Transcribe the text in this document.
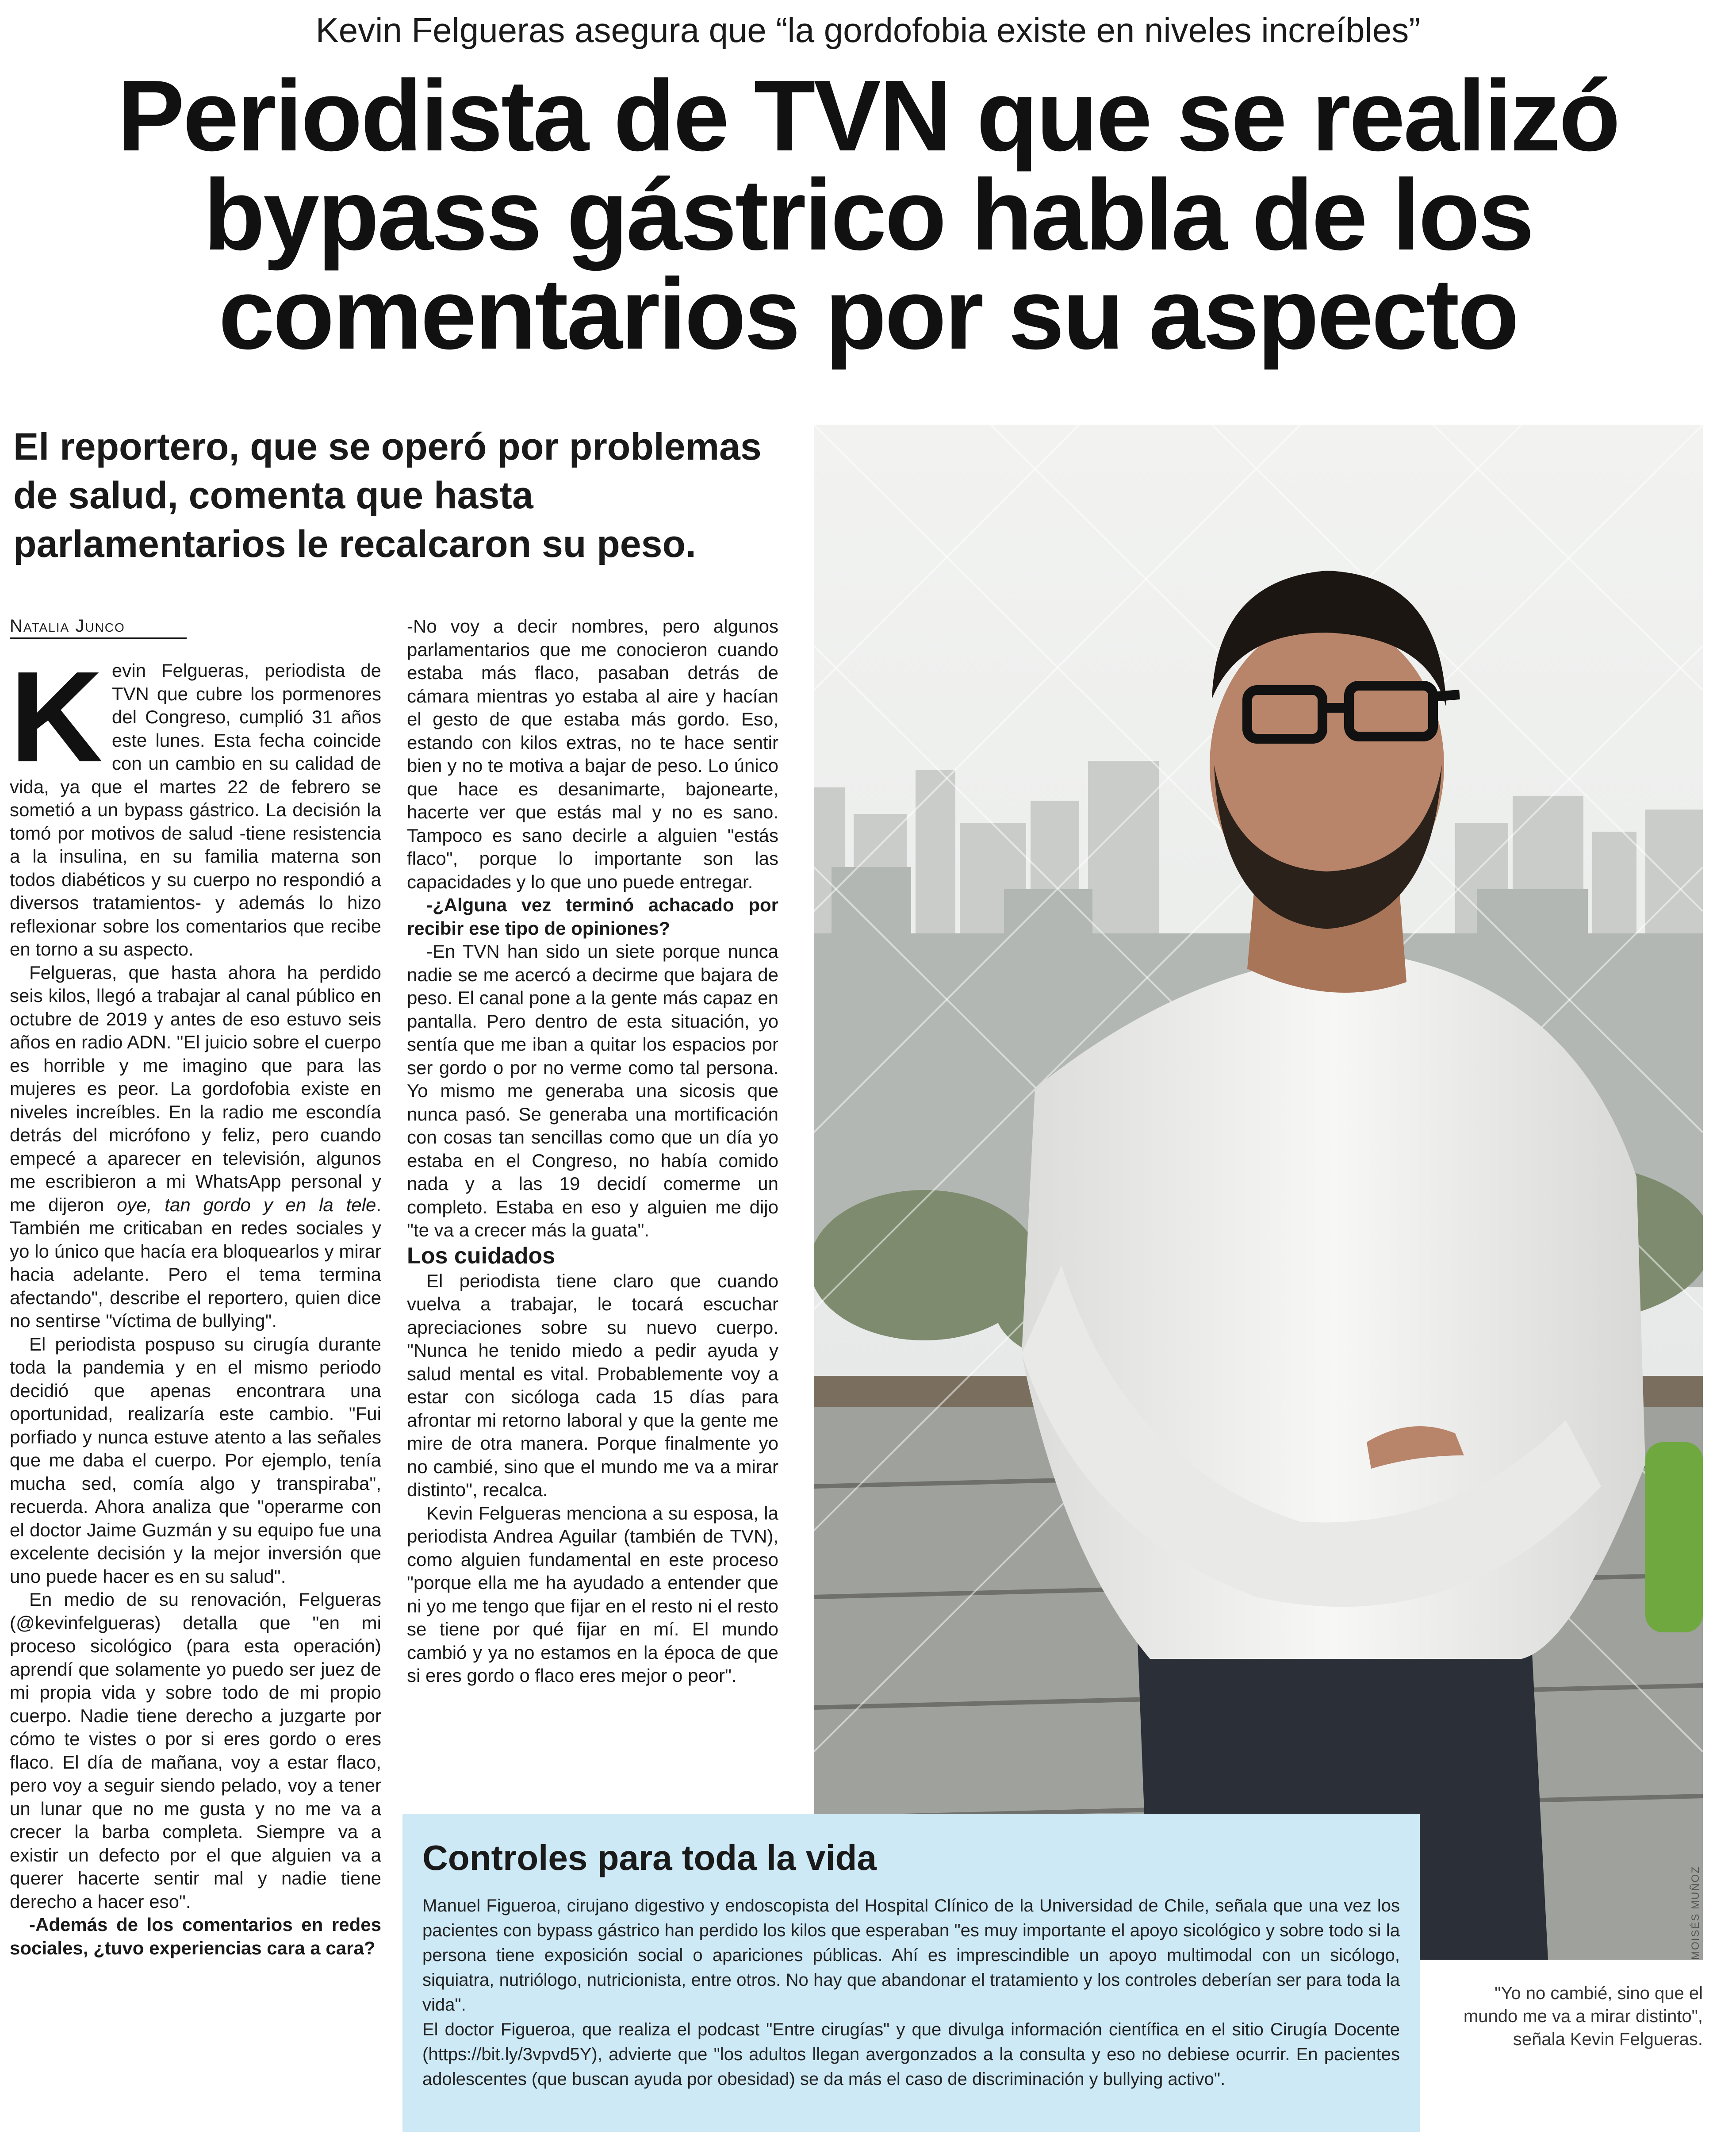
Kevin Felgueras asegura que “la gordofobia existe en niveles increíbles”
Periodista de TVN que se realizó bypass gástrico habla de los comentarios por su aspecto
El reportero, que se operó por problemas de salud, comenta que hasta parlamentarios le recalcaron su peso.
Natalia Junco
K evin Felgueras, periodista de TVN que cubre los pormenores del Congreso, cumplió 31 años este lunes. Esta fecha coincide con un cambio en su calidad de vida, ya que el martes 22 de febrero se sometió a un bypass gástrico. La decisión la tomó por motivos de salud -tiene resistencia a la insulina, en su familia materna son todos diabéticos y su cuerpo no respondió a diversos tratamientos- y además lo hizo reflexionar sobre los comentarios que recibe en torno a su aspecto.

Felgueras, que hasta ahora ha perdido seis kilos, llegó a trabajar al canal público en octubre de 2019 y antes de eso estuvo seis años en radio ADN. "El juicio sobre el cuerpo es horrible y me imagino que para las mujeres es peor. La gordofobia existe en niveles increíbles. En la radio me escondía detrás del micrófono y feliz, pero cuando empecé a aparecer en televisión, algunos me escribieron a mi WhatsApp personal y me dijeron oye, tan gordo y en la tele. También me criticaban en redes sociales y yo lo único que hacía era bloquearlos y mirar hacia adelante. Pero el tema termina afectando", describe el reportero, quien dice no sentirse "víctima de bullying".

El periodista pospuso su cirugía durante toda la pandemia y en el mismo periodo decidió que apenas encontrara una oportunidad, realizaría este cambio. "Fui porfiado y nunca estuve atento a las señales que me daba el cuerpo. Por ejemplo, tenía mucha sed, comía algo y transpiraba", recuerda. Ahora analiza que "operarme con el doctor Jaime Guzmán y su equipo fue una excelente decisión y la mejor inversión que uno puede hacer es en su salud".

En medio de su renovación, Felgueras (@kevinfelgueras) detalla que "en mi proceso sicológico (para esta operación) aprendí que solamente yo puedo ser juez de mi propia vida y sobre todo de mi propio cuerpo. Nadie tiene derecho a juzgarte por cómo te vistes o por si eres gordo o eres flaco. El día de mañana, voy a estar flaco, pero voy a seguir siendo pelado, voy a tener un lunar que no me gusta y no me va a crecer la barba completa. Siempre va a existir un defecto por el que alguien va a querer hacerte sentir mal y nadie tiene derecho a hacer eso".

-Además de los comentarios en redes sociales, ¿tuvo experiencias cara a cara?

-No voy a decir nombres, pero algunos parlamentarios que me conocieron cuando estaba más flaco, pasaban detrás de cámara mientras yo estaba al aire y hacían el gesto de que estaba más gordo. Eso, estando con kilos extras, no te hace sentir bien y no te motiva a bajar de peso. Lo único que hace es desanimarte, bajonearte, hacerte ver que estás mal y no es sano. Tampoco es sano decirle a alguien "estás flaco", porque lo importante son las capacidades y lo que uno puede entregar.

-¿Alguna vez terminó achacado por recibir ese tipo de opiniones?

-En TVN han sido un siete porque nunca nadie se me acercó a decirme que bajara de peso. El canal pone a la gente más capaz en pantalla. Pero dentro de esta situación, yo sentía que me iban a quitar los espacios por ser gordo o por no verme como tal persona. Yo mismo me generaba una sicosis que nunca pasó. Se generaba una mortificación con cosas tan sencillas como que un día yo estaba en el Congreso, no había comido nada y a las 19 decidí comerme un completo. Estaba en eso y alguien me dijo "te va a crecer más la guata".

Los cuidados

El periodista tiene claro que cuando vuelva a trabajar, le tocará escuchar apreciaciones sobre su nuevo cuerpo. "Nunca he tenido miedo a pedir ayuda y salud mental es vital. Probablemente voy a estar con sicóloga cada 15 días para afrontar mi retorno laboral y que la gente me mire de otra manera. Porque finalmente yo no cambié, sino que el mundo me va a mirar distinto", recalca.

Kevin Felgueras menciona a su esposa, la periodista Andrea Aguilar (también de TVN), como alguien fundamental en este proceso "porque ella me ha ayudado a entender que ni yo me tengo que fijar en el resto ni el resto se tiene por qué fijar en mí. El mundo cambió y ya no estamos en la época de que si eres gordo o flaco eres mejor o peor".

MOISÉS MUÑOZ
Controles para toda la vida

Manuel Figueroa, cirujano digestivo y endoscopista del Hospital Clínico de la Universidad de Chile, señala que una vez los pacientes con bypass gástrico han perdido los kilos que esperaban "es muy importante el apoyo sicológico y sobre todo si la persona tiene exposición social o apariciones públicas. Ahí es imprescindible un apoyo multimodal con un sicólogo, siquiatra, nutriólogo, nutricionista, entre otros. No hay que abandonar el tratamiento y los controles deberían ser para toda la vida".

El doctor Figueroa, que realiza el podcast "Entre cirugías" y que divulga información científica en el sitio Cirugía Docente (https://bit.ly/3vpvd5Y), advierte que "los adultos llegan avergonzados a la consulta y eso no debiese ocurrir. En pacientes adolescentes (que buscan ayuda por obesidad) se da más el caso de discriminación y bullying activo".

"Yo no cambié, sino que el mundo me va a mirar distinto", señala Kevin Felgueras.
